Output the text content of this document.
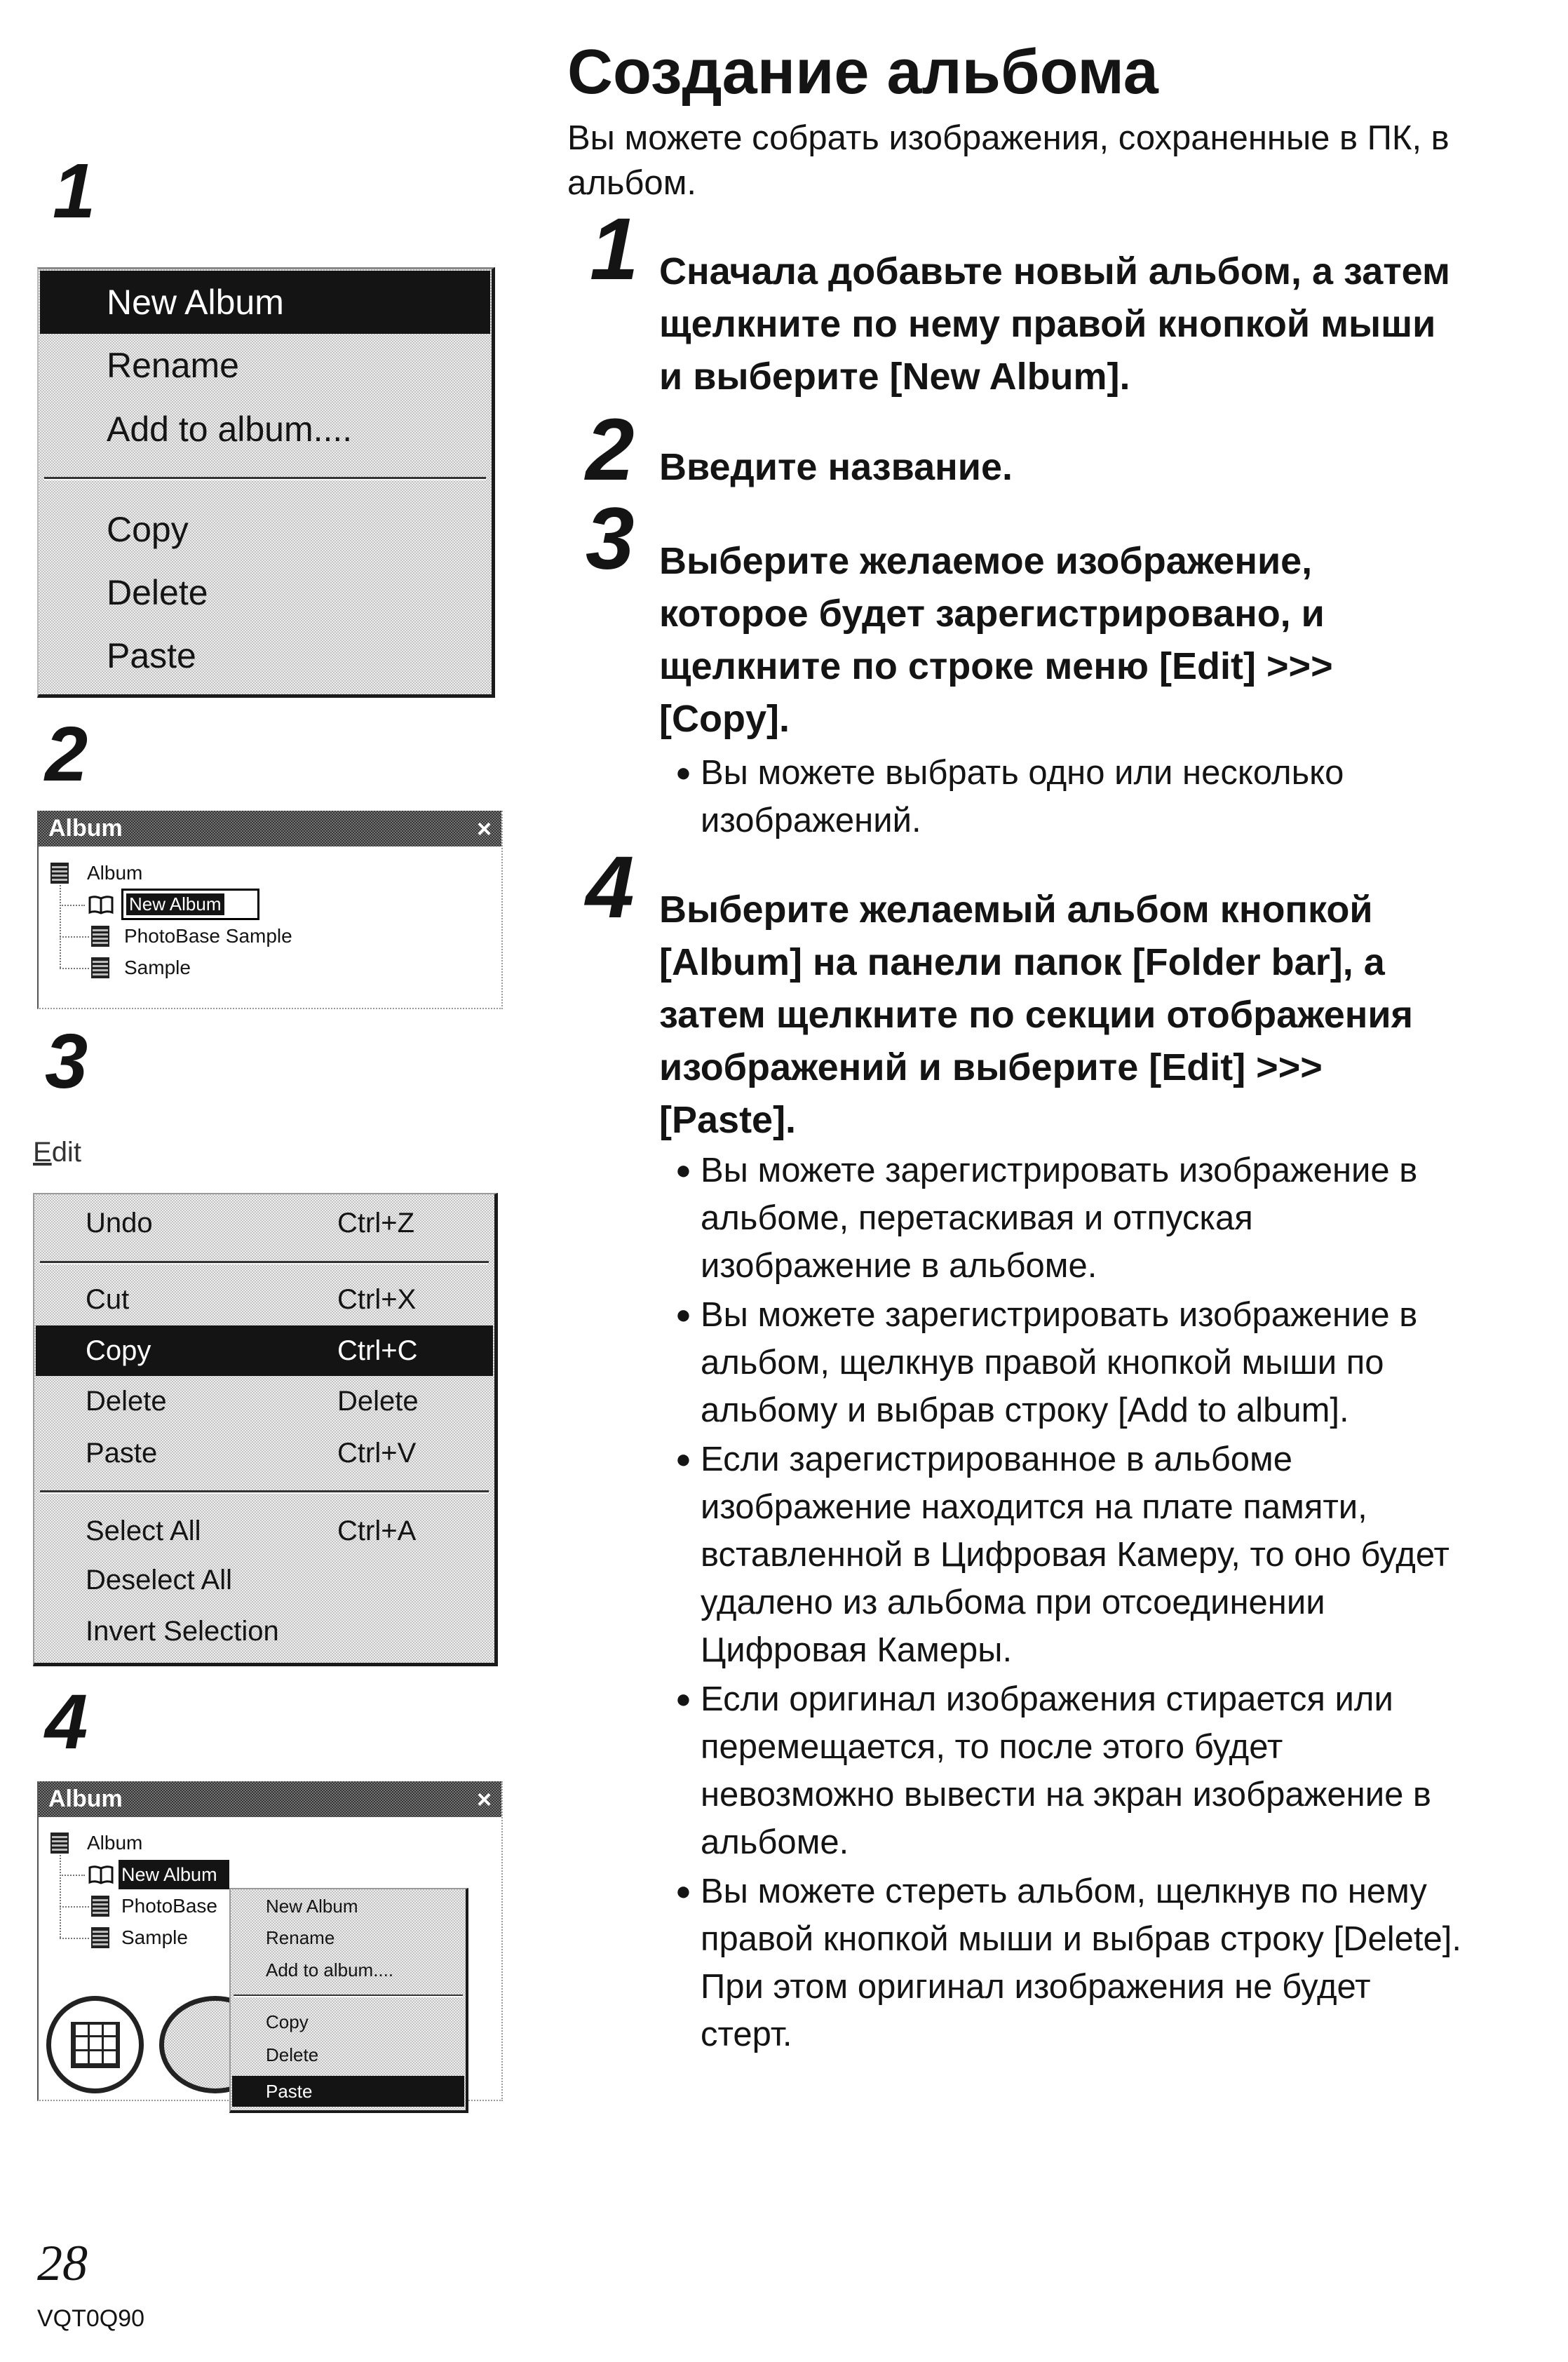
1
New Album
Rename
Add to album....
Copy
Delete
Paste
2
Album	×
Album
New Album
PhotoBase Sample
Sample
3
Edit
Undo	Ctrl+Z
Cut	Ctrl+X
Copy	Ctrl+C
Delete	Delete
Paste	Ctrl+V
Select All	Ctrl+A
Deselect All
Invert Selection
4
Album	×
Album
New Album
PhotoBase
Sample
New Album
Rename
Add to album....
Copy
Delete
Paste
28
VQT0Q90
Создание альбома
Вы можете собрать изображения, сохраненные в ПК, в
альбом.
1 Сначала добавьте новый альбом, а затем
щелкните по нему правой кнопкой мыши
и выберите [New Album].
2 Введите название.
3 Выберите желаемое изображение,
которое будет зарегистрировано, и
щелкните по строке меню [Edit] >>>
[Copy].
● Вы можете выбрать одно или несколько
изображений.
4 Выберите желаемый альбом кнопкой
[Album] на панели папок [Folder bar], а
затем щелкните по секции отображения
изображений и выберите [Edit] >>>
[Paste].
● Вы можете зарегистрировать изображение в
альбоме, перетаскивая и отпуская
изображение в альбоме.
● Вы можете зарегистрировать изображение в
альбом, щелкнув правой кнопкой мыши по
альбому и выбрав строку [Add to album].
● Если зарегистрированное в альбоме
изображение находится на плате памяти,
вставленной в Цифровая Камеру, то оно будет
удалено из альбома при отсоединении
Цифровая Камеры.
● Если оригинал изображения стирается или
перемещается, то после этого будет
невозможно вывести на экран изображение в
альбоме.
● Вы можете стереть альбом, щелкнув по нему
правой кнопкой мыши и выбрав строку [Delete].
При этом оригинал изображения не будет
стерт.
